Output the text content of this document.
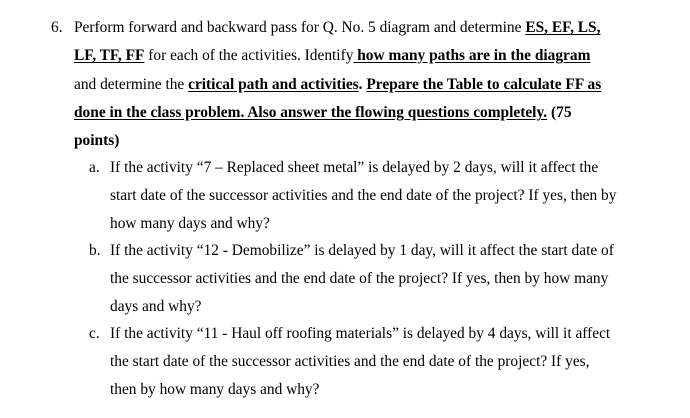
6. Perform forward and backward pass for Q. No. 5 diagram and determine ES, EF, LS,
LF, TF, FF for each of the activities. Identify how many paths are in the diagram
and determine the critical path and activities. Prepare the Table to calculate FF as
done in the class problem. Also answer the flowing questions completely. (75
points)
a. If the activity “7 – Replaced sheet metal” is delayed by 2 days, will it affect the
start date of the successor activities and the end date of the project? If yes, then by
how many days and why?
b. If the activity “12 - Demobilize” is delayed by 1 day, will it affect the start date of
the successor activities and the end date of the project? If yes, then by how many
days and why?
c. If the activity “11 - Haul off roofing materials” is delayed by 4 days, will it affect
the start date of the successor activities and the end date of the project? If yes,
then by how many days and why?
